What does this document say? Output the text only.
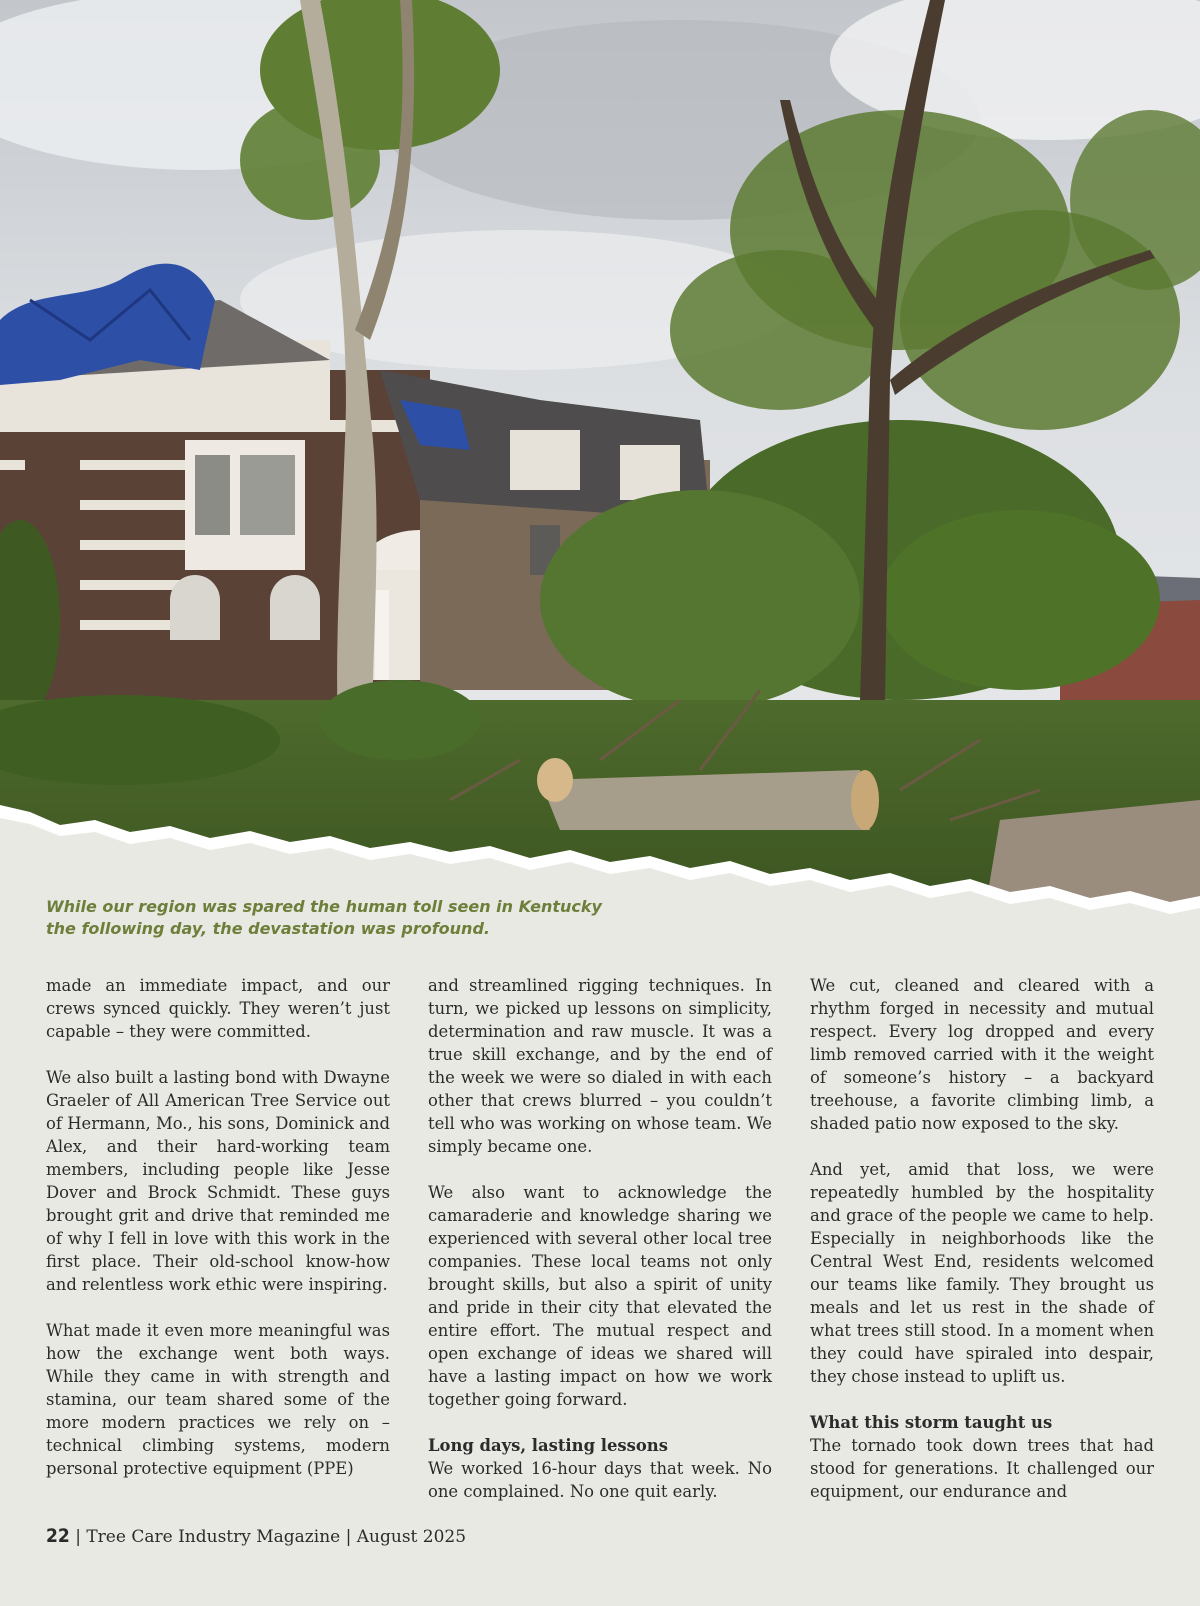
While our region was spared the human toll seen in Kentucky
the following day, the devastation was profound.

made an immediate impact, and our crews synced quickly. They weren’t just capable – they were committed.

We also built a lasting bond with Dwayne Graeler of All American Tree Service out of Hermann, Mo., his sons, Dominick and Alex, and their hard-working team members, including people like Jesse Dover and Brock Schmidt. These guys brought grit and drive that reminded me of why I fell in love with this work in the first place. Their old-school know-how and relentless work ethic were inspiring.

What made it even more meaningful was how the exchange went both ways. While they came in with strength and stamina, our team shared some of the more modern practices we rely on – technical climbing systems, modern personal protective equipment (PPE)

and streamlined rigging techniques. In turn, we picked up lessons on simplicity, determination and raw muscle. It was a true skill exchange, and by the end of the week we were so dialed in with each other that crews blurred – you couldn’t tell who was working on whose team. We simply became one.

We also want to acknowledge the camaraderie and knowledge sharing we experienced with several other local tree companies. These local teams not only brought skills, but also a spirit of unity and pride in their city that elevated the entire effort. The mutual respect and open exchange of ideas we shared will have a lasting impact on how we work together going forward.

Long days, lasting lessons

We worked 16-hour days that week. No one complained. No one quit early.

We cut, cleaned and cleared with a rhythm forged in necessity and mutual respect. Every log dropped and every limb removed carried with it the weight of someone’s history – a backyard treehouse, a favorite climbing limb, a shaded patio now exposed to the sky.

And yet, amid that loss, we were repeatedly humbled by the hospitality and grace of the people we came to help. Especially in neighborhoods like the Central West End, residents welcomed our teams like family. They brought us meals and let us rest in the shade of what trees still stood. In a moment when they could have spiraled into despair, they chose instead to uplift us.

What this storm taught us

The tornado took down trees that had stood for generations. It challenged our equipment, our endurance and

22 | Tree Care Industry Magazine | August 2025
